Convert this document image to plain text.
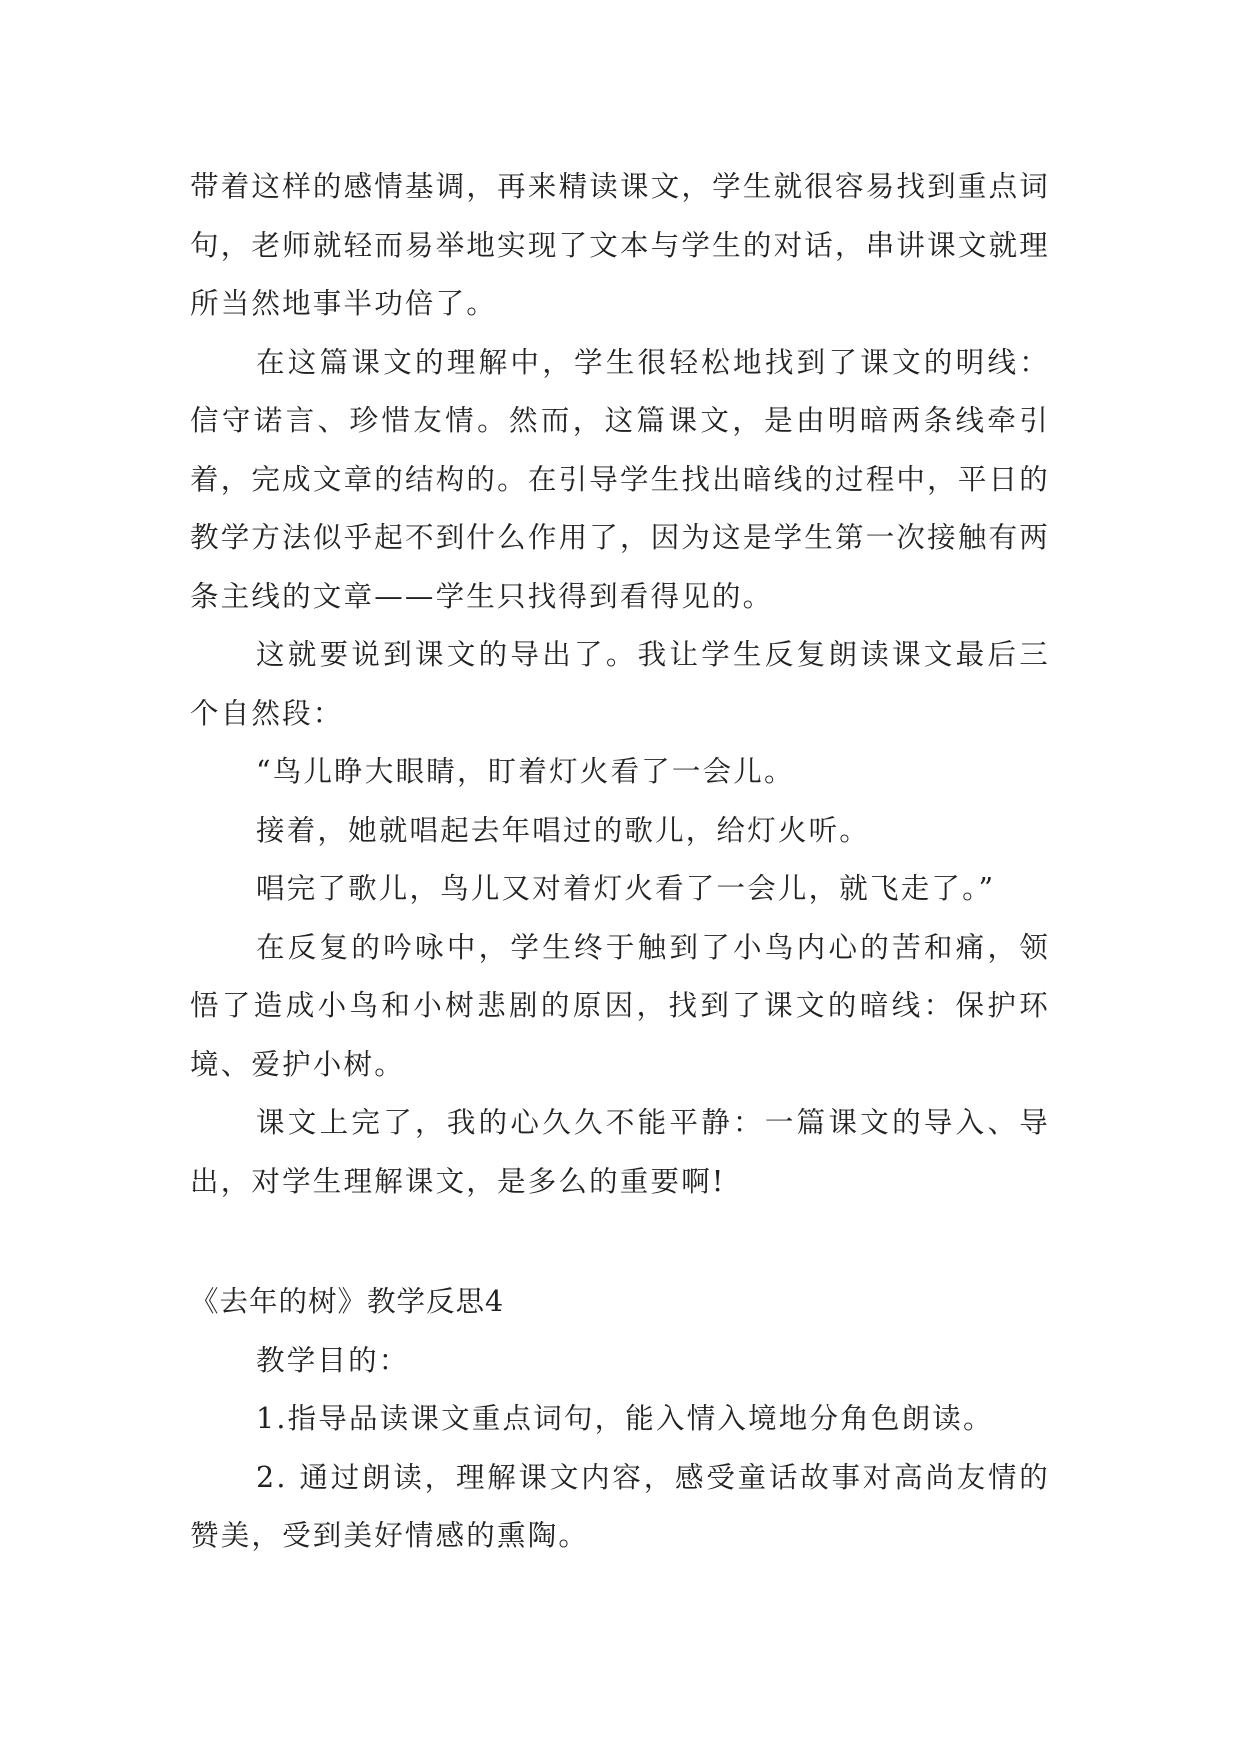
带着这样的感情基调，再来精读课文，学生就很容易找到重点词句，老师就轻而易举地实现了文本与学生的对话，串讲课文就理所当然地事半功倍了。

在这篇课文的理解中，学生很轻松地找到了课文的明线：信守诺言、珍惜友情。然而，这篇课文，是由明暗两条线牵引着，完成文章的结构的。在引导学生找出暗线的过程中，平日的教学方法似乎起不到什么作用了，因为这是学生第一次接触有两条主线的文章——学生只找得到看得见的。

这就要说到课文的导出了。我让学生反复朗读课文最后三个自然段：

“鸟儿睁大眼睛，盯着灯火看了一会儿。

接着，她就唱起去年唱过的歌儿，给灯火听。

唱完了歌儿，鸟儿又对着灯火看了一会儿，就飞走了。”

在反复的吟咏中，学生终于触到了小鸟内心的苦和痛，领悟了造成小鸟和小树悲剧的原因，找到了课文的暗线：保护环境、爱护小树。

课文上完了，我的心久久不能平静：一篇课文的导入、导出，对学生理解课文，是多么的重要啊!

《去年的树》教学反思4

教学目的：

1.指导品读课文重点词句，能入情入境地分角色朗读。

2. 通过朗读，理解课文内容，感受童话故事对高尚友情的赞美，受到美好情感的熏陶。
